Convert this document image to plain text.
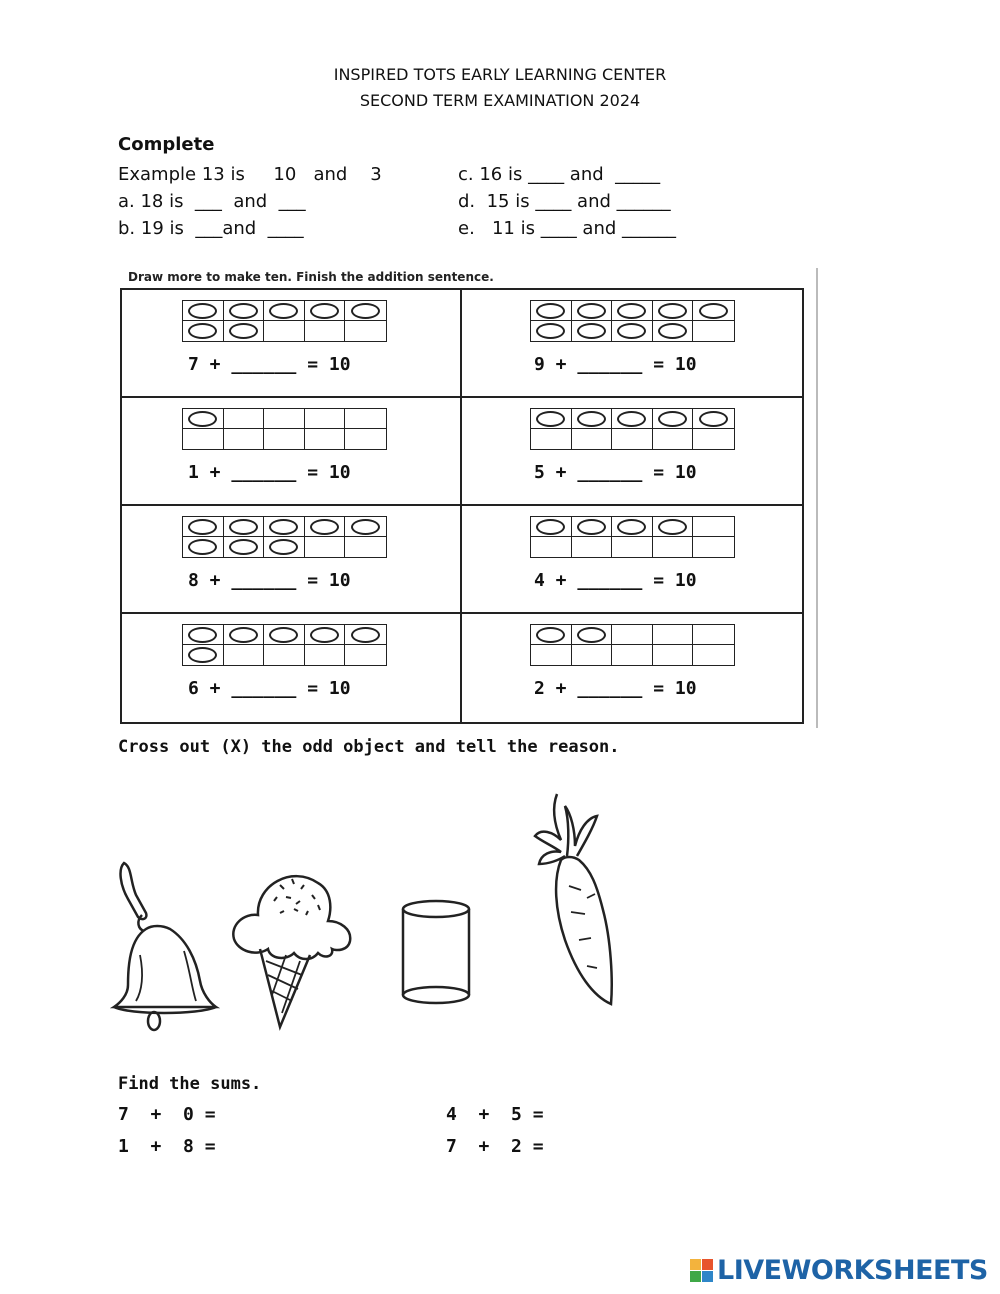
INSPIRED TOTS EARLY LEARNING CENTER
SECOND TERM EXAMINATION 2024
Complete
Example 13 is     10   and    3	c. 16 is ____ and  _____
a. 18 is  ___  and  ___	d.  15 is ____ and ______
b. 19 is  ___and  ____	e.   11 is ____ and ______
Draw more to make ten. Finish the addition sentence.
7 + ______ = 10	9 + ______ = 10
1 + ______ = 10	5 + ______ = 10
8 + ______ = 10	4 + ______ = 10
6 + ______ = 10	2 + ______ = 10
Cross out (X) the odd object and tell the reason.
Find the sums.
7  +  0 =	4  +  5 =
1  +  8 =	7  +  2 =
LIVEWORKSHEETS
